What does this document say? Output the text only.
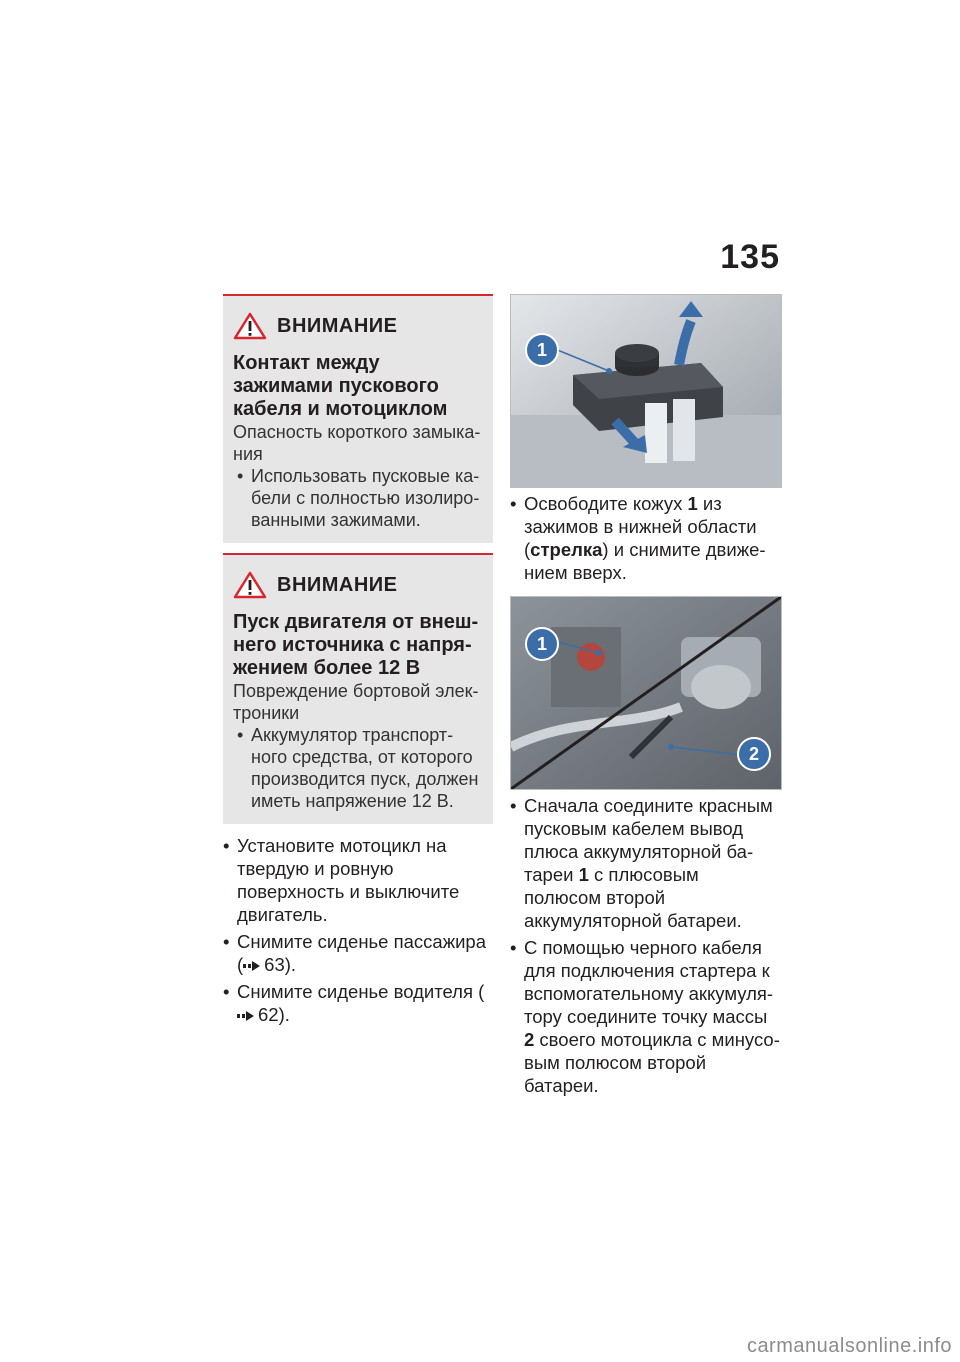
135
ВНИМАНИЕ
Контакт между зажимами пускового кабеля и мотоциклом
Опасность короткого замыкания
• Использовать пусковые кабели с полностью изолированными зажимами.
ВНИМАНИЕ
Пуск двигателя от внешнего источника с напряжением более 12 В
Повреждение бортовой электроники
• Аккумулятор транспортного средства, от которого производится пуск, должен иметь напряжение 12 В.
• Установите мотоцикл на твердую и ровную поверхность и выключите двигатель.
• Снимите сиденье пассажира ( 63).
• Снимите сиденье водителя (62).
1
• Освободите кожух 1 из зажимов в нижней области (стрелка) и снимите движением вверх.
1
2
• Сначала соедините красным пусковым кабелем вывод плюса аккумуляторной батареи 1 с плюсовым полюсом второй аккумуляторной батареи.
• С помощью черного кабеля для подключения стартера к вспомогательному аккумулятору соедините точку массы 2 своего мотоцикла с минусовым полюсом второй батареи.
carmanualsonline.info
